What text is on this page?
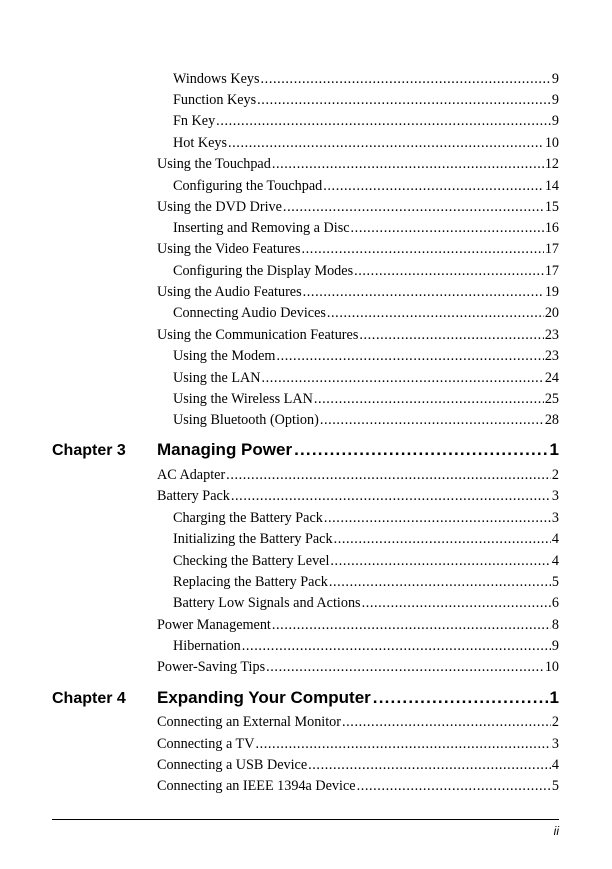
Windows Keys .....	9
Function Keys .....	9
Fn Key .....	9
Hot Keys .....	10
Using the Touchpad .....	12
Configuring the Touchpad .....	14
Using the DVD Drive .....	15
Inserting and Removing a Disc .....	16
Using the Video Features .....	17
Configuring the Display Modes .....	17
Using the Audio Features .....	19
Connecting Audio Devices .....	20
Using the Communication Features .....	23
Using the Modem .....	23
Using the LAN .....	24
Using the Wireless LAN .....	25
Using Bluetooth (Option) .....	28
Chapter 3 Managing Power .....	1
AC Adapter .....	2
Battery Pack .....	3
Charging the Battery Pack .....	3
Initializing the Battery Pack .....	4
Checking the Battery Level .....	4
Replacing the Battery Pack .....	5
Battery Low Signals and Actions .....	6
Power Management .....	8
Hibernation .....	9
Power-Saving Tips .....	10
Chapter 4 Expanding Your Computer .....	1
Connecting an External Monitor .....	2
Connecting a TV .....	3
Connecting a USB Device .....	4
Connecting an IEEE 1394a Device .....	5
ii
